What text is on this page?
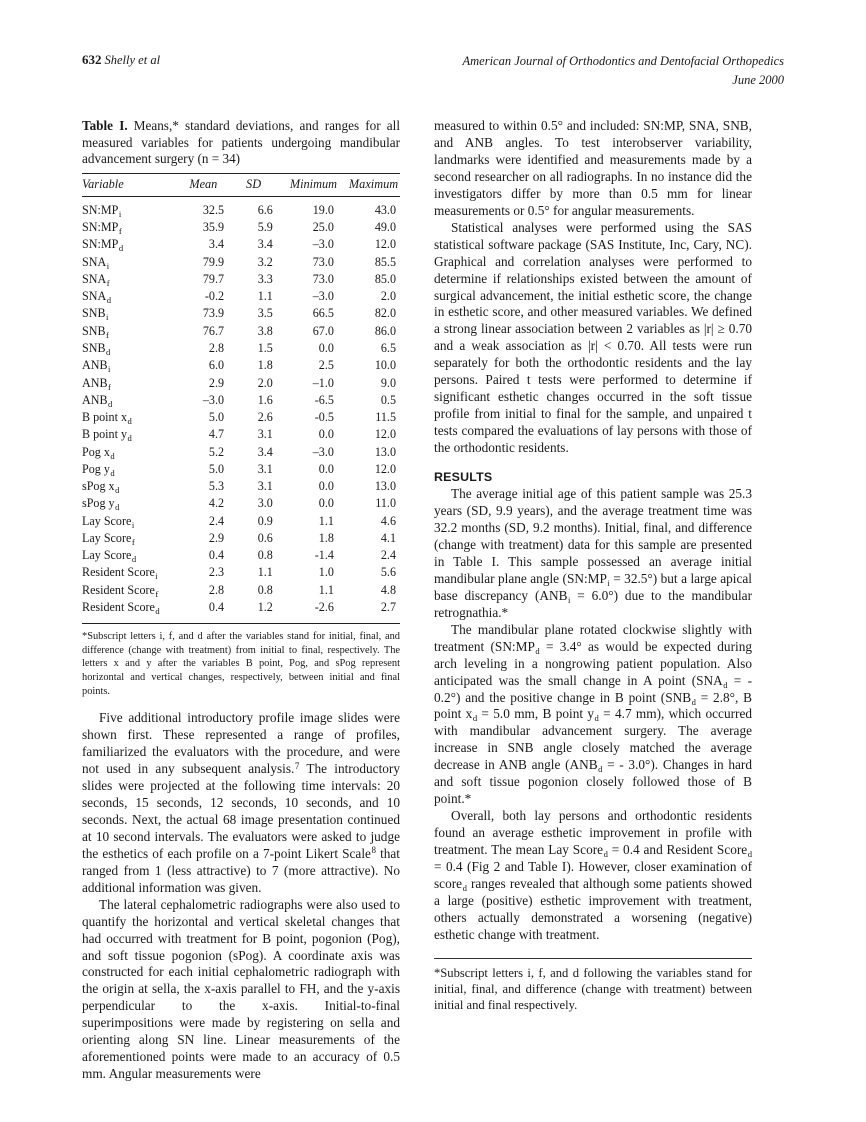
632 Shelly et al	American Journal of Orthodontics and Dentofacial Orthopedics
June 2000

Table I. Means,* standard deviations, and ranges for all measured variables for patients undergoing mandibular advancement surgery (n = 34)

Variable	Mean	SD	Minimum	Maximum
$SN:MP_i$	32.5	6.6	19.0	43.0
$SN:MP_f$	35.9	5.9	25.0	49.0
$SN:MP_d$	3.4	3.4	–3.0	12.0
$SNA_i$	79.9	3.2	73.0	85.5
$SNA_f$	79.7	3.3	73.0	85.0
$SNA_d$	-0.2	1.1	–3.0	2.0
$SNB_i$	73.9	3.5	66.5	82.0
$SNB_f$	76.7	3.8	67.0	86.0
$SNB_d$	2.8	1.5	0.0	6.5
$ANB_i$	6.0	1.8	2.5	10.0
$ANB_f$	2.9	2.0	–1.0	9.0
$ANB_d$	–3.0	1.6	-6.5	0.5
B point $x_d$	5.0	2.6	-0.5	11.5
B point $y_d$	4.7	3.1	0.0	12.0
Pog $x_d$	5.2	3.4	–3.0	13.0
Pog $y_d$	5.0	3.1	0.0	12.0
sPog $x_d$	5.3	3.1	0.0	13.0
sPog $y_d$	4.2	3.0	0.0	11.0
Lay Score$_i$	2.4	0.9	1.1	4.6
Lay Score$_f$	2.9	0.6	1.8	4.1
Lay Score$_d$	0.4	0.8	-1.4	2.4
Resident Score$_i$	2.3	1.1	1.0	5.6
Resident Score$_f$	2.8	0.8	1.1	4.8
Resident Score$_d$	0.4	1.2	-2.6	2.7

*Subscript letters i, f, and d after the variables stand for initial, final, and difference (change with treatment) from initial to final, respectively. The letters x and y after the variables B point, Pog, and sPog represent horizontal and vertical changes, respectively, between initial and final points.

Five additional introductory profile image slides were shown first. These represented a range of profiles, familiarized the evaluators with the procedure, and were not used in any subsequent analysis.$^7$ The introductory slides were projected at the following time intervals: 20 seconds, 15 seconds, 12 seconds, 10 seconds, and 10 seconds. Next, the actual 68 image presentation continued at 10 second intervals. The evaluators were asked to judge the esthetics of each profile on a 7-point Likert Scale$^8$ that ranged from 1 (less attractive) to 7 (more attractive). No additional information was given.

The lateral cephalometric radiographs were also used to quantify the horizontal and vertical skeletal changes that had occurred with treatment for B point, pogonion (Pog), and soft tissue pogonion (sPog). A coordinate axis was constructed for each initial cephalometric radiograph with the origin at sella, the x-axis parallel to FH, and the y-axis perpendicular to the x-axis. Initial-to-final superimpositions were made by registering on sella and orienting along SN line. Linear measurements of the aforementioned points were made to an accuracy of 0.5 mm. Angular measurements were

measured to within 0.5° and included: SN:MP, SNA, SNB, and ANB angles. To test interobserver variability, landmarks were identified and measurements made by a second researcher on all radiographs. In no instance did the investigators differ by more than 0.5 mm for linear measurements or 0.5° for angular measurements.

Statistical analyses were performed using the SAS statistical software package (SAS Institute, Inc, Cary, NC). Graphical and correlation analyses were performed to determine if relationships existed between the amount of surgical advancement, the initial esthetic score, the change in esthetic score, and other measured variables. We defined a strong linear association between 2 variables as |r| ≥ 0.70 and a weak association as |r| < 0.70. All tests were run separately for both the orthodontic residents and the lay persons. Paired t tests were performed to determine if significant esthetic changes occurred in the soft tissue profile from initial to final for the sample, and unpaired t tests compared the evaluations of lay persons with those of the orthodontic residents.

RESULTS

The average initial age of this patient sample was 25.3 years (SD, 9.9 years), and the average treatment time was 32.2 months (SD, 9.2 months). Initial, final, and difference (change with treatment) data for this sample are presented in Table I. This sample possessed an average initial mandibular plane angle $(SN:MP_i = 32.5^\circ)$ but a large apical base discrepancy $(ANB_i = 6.0^\circ)$ due to the mandibular retrognathia.*

The mandibular plane rotated clockwise slightly with treatment ($SN:MP_d = 3.4^\circ$ as would be expected during arch leveling in a nongrowing patient population. Also anticipated was the small change in A point ($SNA_d$ = - 0.2°) and the positive change in B point ($SNB_d = 2.8^\circ$, B point $x_d = 5.0$ mm, B point $y_d = 4.7$ mm), which occurred with mandibular advancement surgery. The average increase in SNB angle closely matched the average decrease in ANB angle ($ANB_d$ = - 3.0°). Changes in hard and soft tissue pogonion closely followed those of B point.*

Overall, both lay persons and orthodontic residents found an average esthetic improvement in profile with treatment. The mean Lay Score$_d$ = 0.4 and Resident Score$_d$ = 0.4 (Fig 2 and Table I). However, closer examination of score$_d$ ranges revealed that although some patients showed a large (positive) esthetic improvement with treatment, others actually demonstrated a worsening (negative) esthetic change with treatment.

*Subscript letters i, f, and d following the variables stand for initial, final, and difference (change with treatment) between initial and final respectively.
